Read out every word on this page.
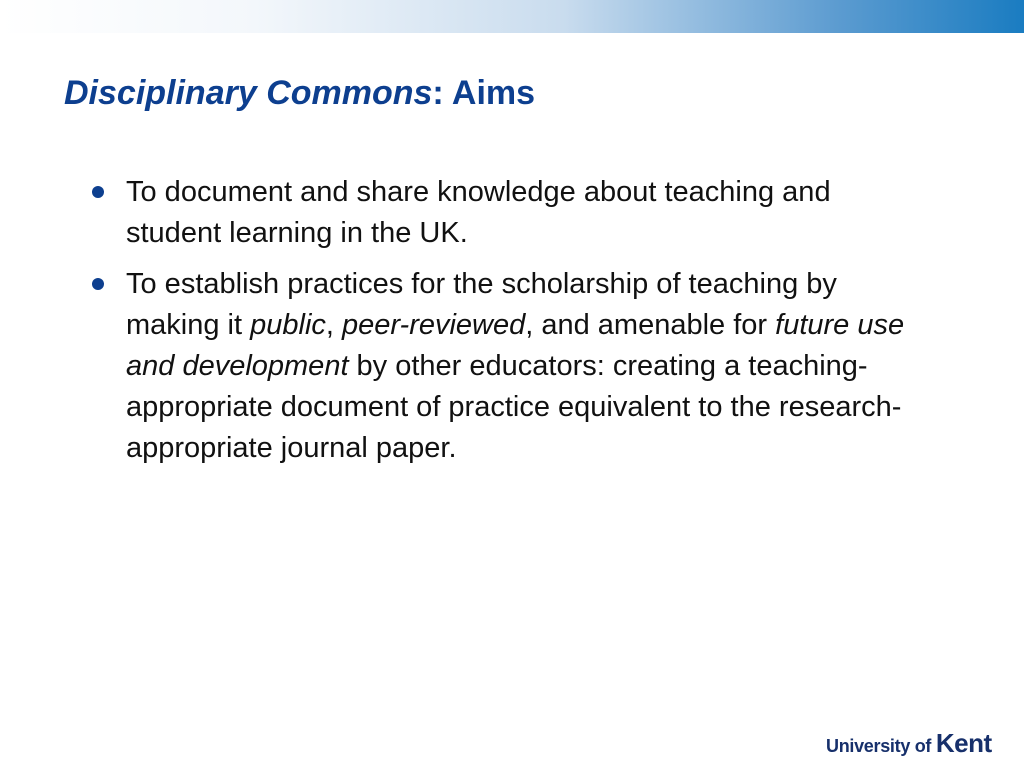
Disciplinary Commons: Aims
To document and share knowledge about teaching and student learning in the UK.
To establish practices for the scholarship of teaching by making it public, peer-reviewed, and amenable for future use and development by other educators: creating a teaching-appropriate document of practice equivalent to the research-appropriate journal paper.
University of Kent
